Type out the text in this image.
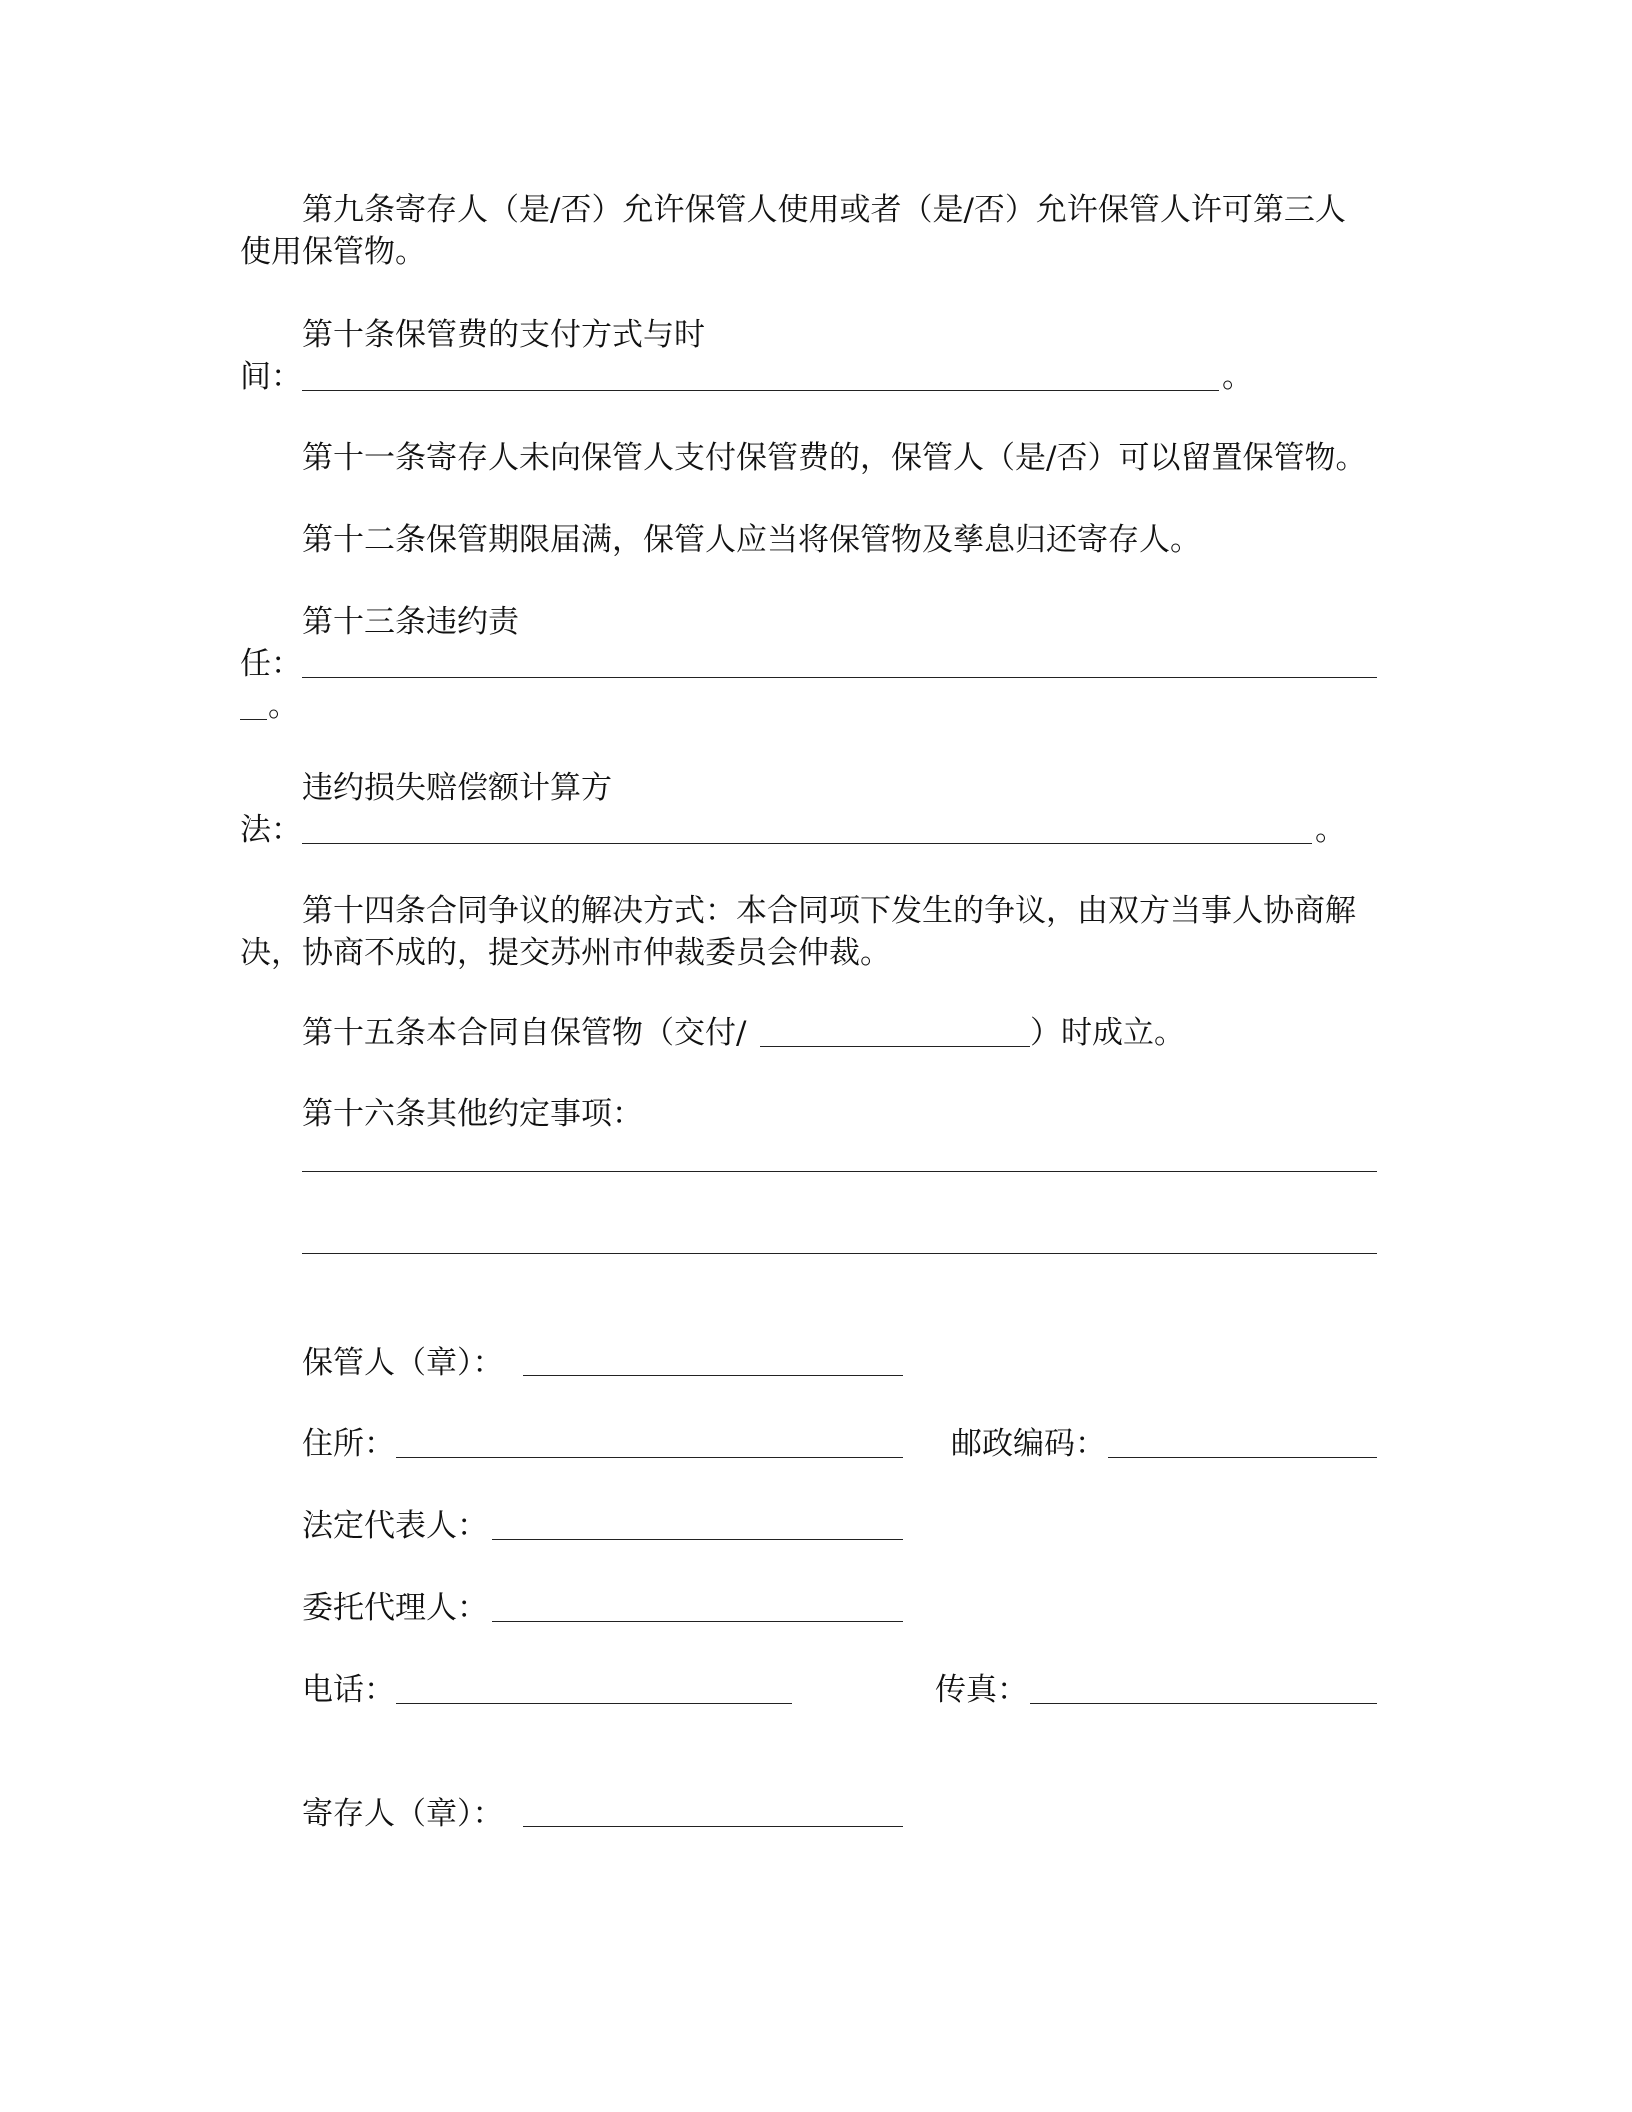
第九条寄存人（是/否）允许保管人使用或者（是/否）允许保管人许可第三人
使用保管物。
第十条保管费的支付方式与时
间：	。
第十一条寄存人未向保管人支付保管费的，保管人（是/否）可以留置保管物。
第十二条保管期限届满，保管人应当将保管物及孳息归还寄存人。
第十三条违约责
任：
。
违约损失赔偿额计算方
法：	。
第十四条合同争议的解决方式：本合同项下发生的争议，由双方当事人协商解
决，协商不成的，提交苏州市仲裁委员会仲裁。
第十五条本合同自保管物（交付/	）时成立。
第十六条其他约定事项：
保管人（章）：
住所：	邮政编码：
法定代表人：
委托代理人：
电话：	传真：
寄存人（章）：
